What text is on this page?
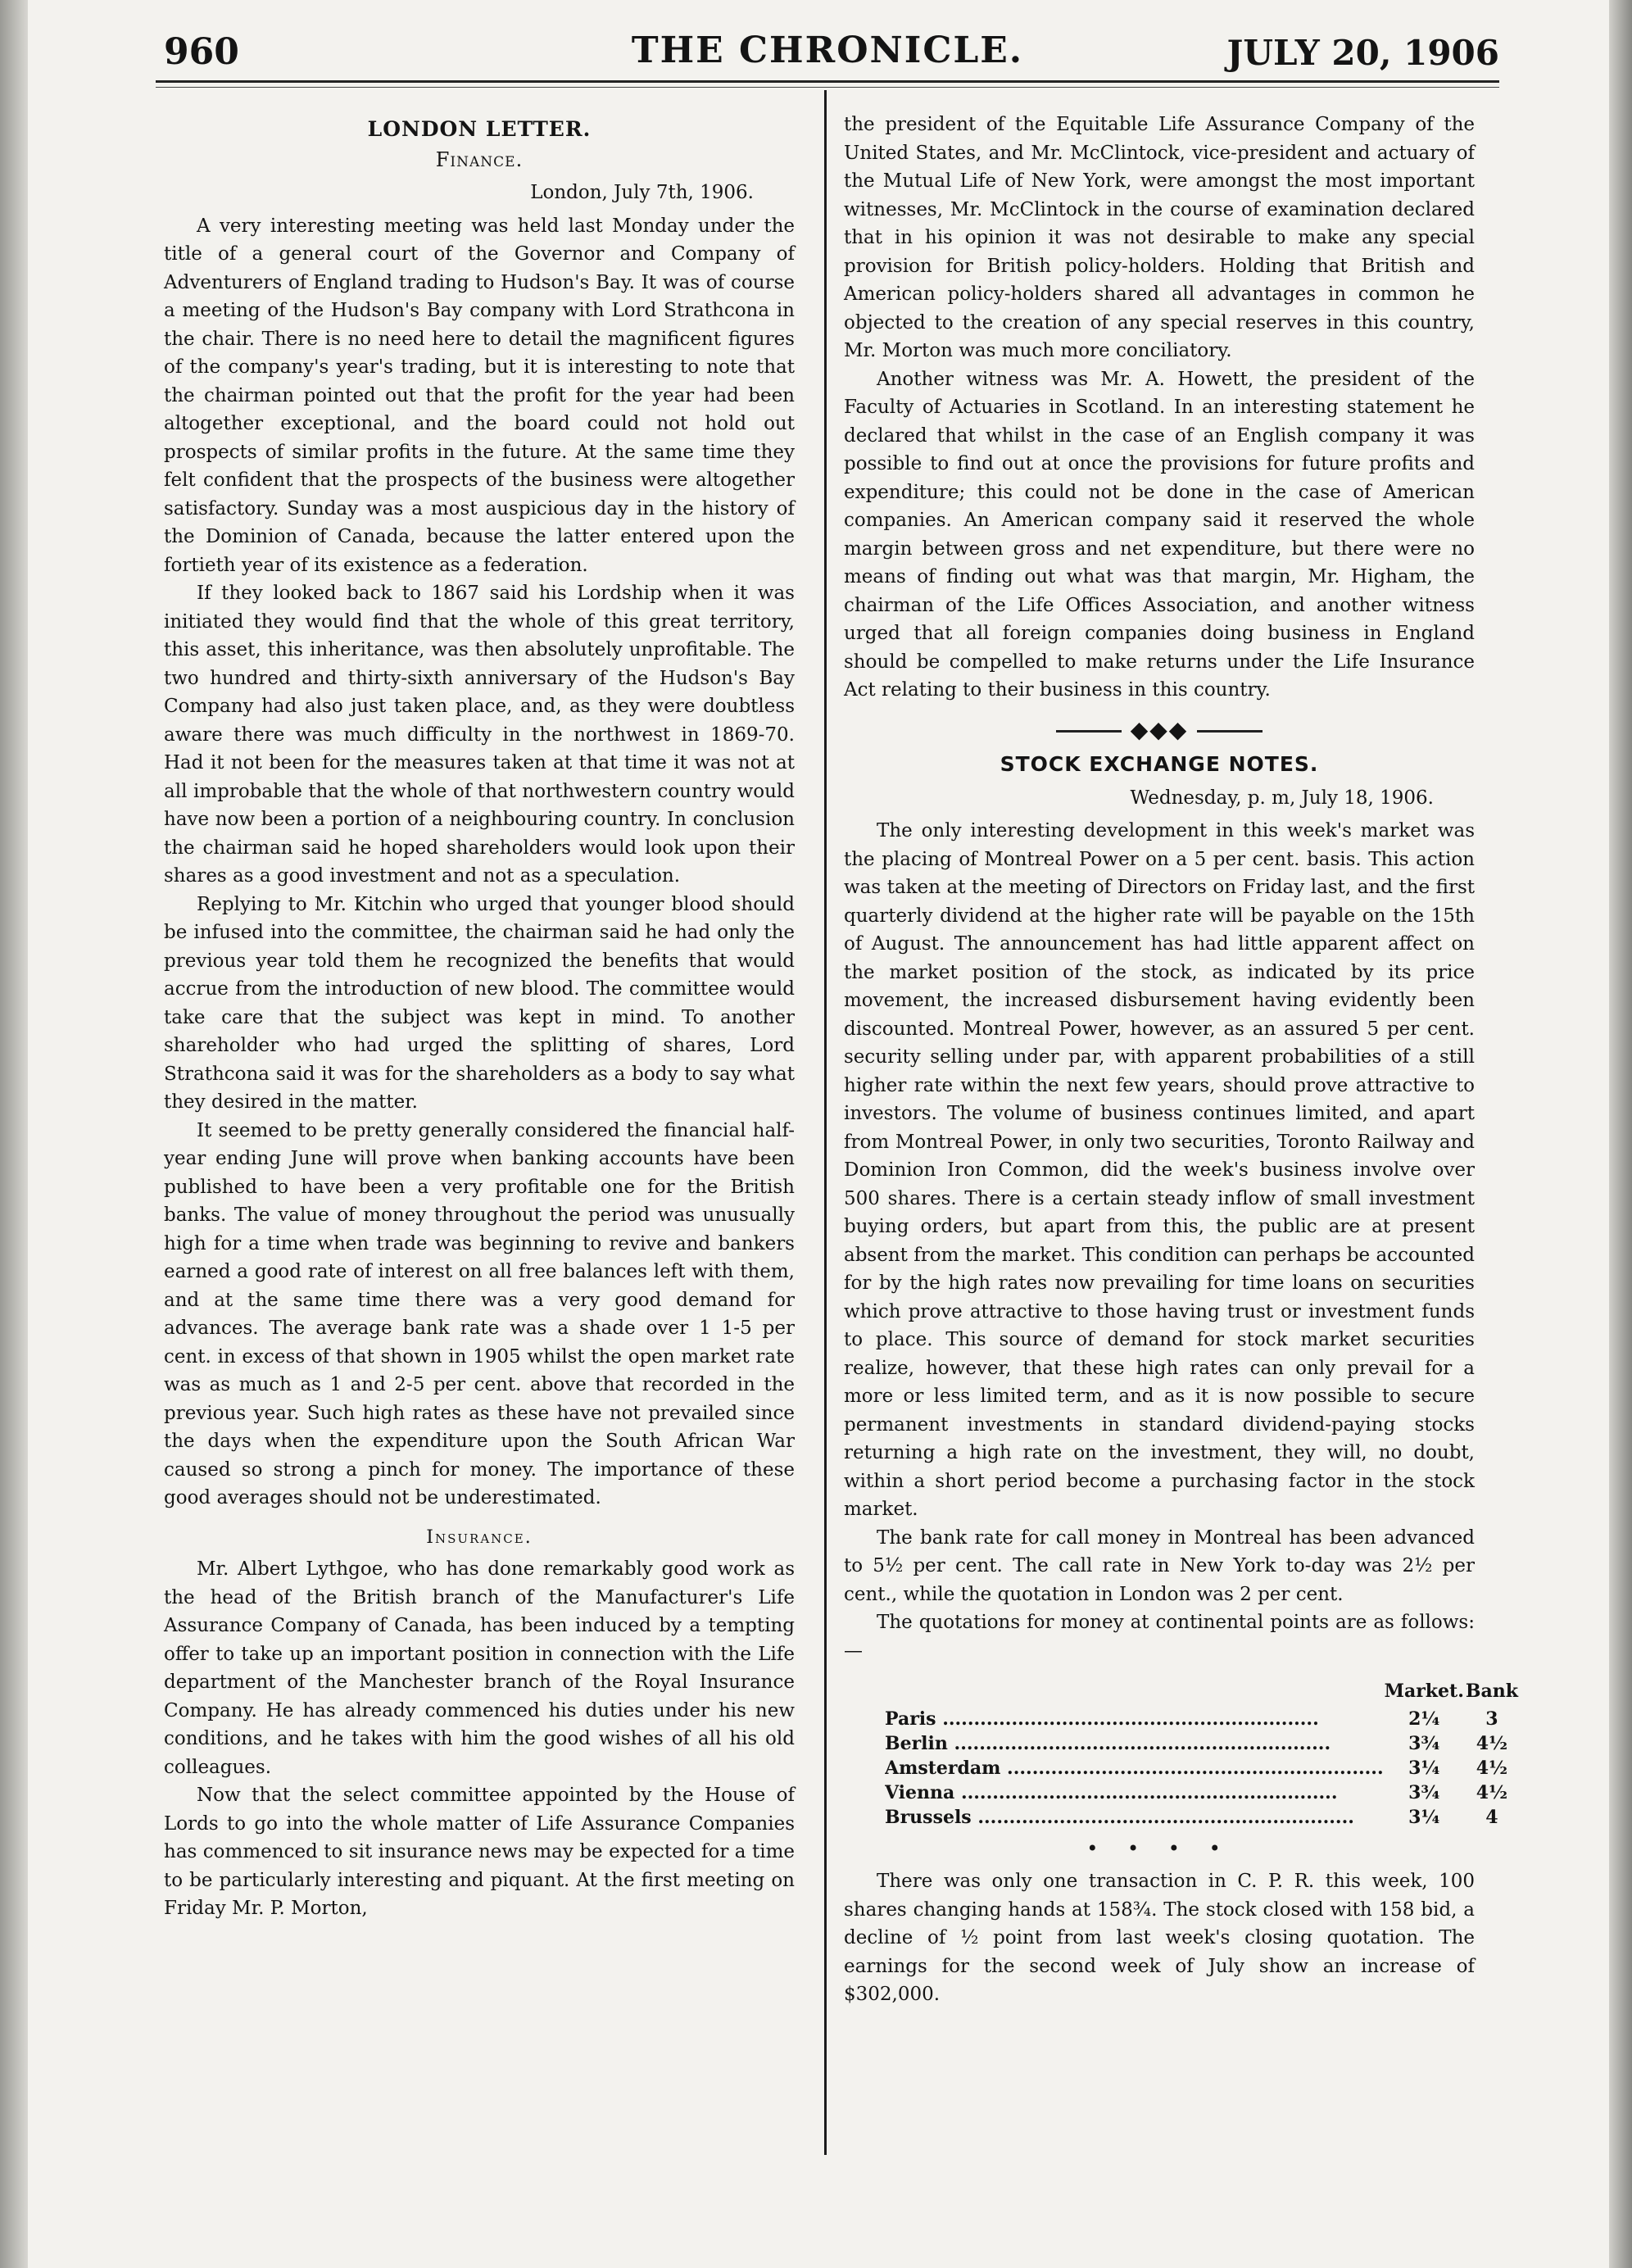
960	THE CHRONICLE.	JULY 20, 1906
LONDON LETTER.
Finance.
London, July 7th, 1906.

A very interesting meeting was held last Monday under the title of a general court of the Governor and Company of Adventurers of England trading to Hudson's Bay. It was of course a meeting of the Hudson's Bay company with Lord Strathcona in the chair. There is no need here to detail the magnificent figures of the company's year's trading, but it is interesting to note that the chairman pointed out that the profit for the year had been altogether exceptional, and the board could not hold out prospects of similar profits in the future. At the same time they felt confident that the prospects of the business were altogether satisfactory. Sunday was a most auspicious day in the history of the Dominion of Canada, because the latter entered upon the fortieth year of its existence as a federation.

If they looked back to 1867 said his Lordship when it was initiated they would find that the whole of this great territory, this asset, this inheritance, was then absolutely unprofitable. The two hundred and thirty-sixth anniversary of the Hudson's Bay Company had also just taken place, and, as they were doubtless aware there was much difficulty in the northwest in 1869-70. Had it not been for the measures taken at that time it was not at all improbable that the whole of that northwestern country would have now been a portion of a neighbouring country. In conclusion the chairman said he hoped shareholders would look upon their shares as a good investment and not as a speculation.

Replying to Mr. Kitchin who urged that younger blood should be infused into the committee, the chairman said he had only the previous year told them he recognized the benefits that would accrue from the introduction of new blood. The committee would take care that the subject was kept in mind. To another shareholder who had urged the splitting of shares, Lord Strathcona said it was for the shareholders as a body to say what they desired in the matter.

It seemed to be pretty generally considered the financial half-year ending June will prove when banking accounts have been published to have been a very profitable one for the British banks. The value of money throughout the period was unusually high for a time when trade was beginning to revive and bankers earned a good rate of interest on all free balances left with them, and at the same time there was a very good demand for advances. The average bank rate was a shade over 1 1-5 per cent. in excess of that shown in 1905 whilst the open market rate was as much as 1 and 2-5 per cent. above that recorded in the previous year. Such high rates as these have not prevailed since the days when the expenditure upon the South African War caused so strong a pinch for money. The importance of these good averages should not be underestimated.

Insurance.

Mr. Albert Lythgoe, who has done remarkably good work as the head of the British branch of the Manufacturer's Life Assurance Company of Canada, has been induced by a tempting offer to take up an important position in connection with the Life department of the Manchester branch of the Royal Insurance Company. He has already commenced his duties under his new conditions, and he takes with him the good wishes of all his old colleagues.

Now that the select committee appointed by the House of Lords to go into the whole matter of Life Assurance Companies has commenced to sit insurance news may be expected for a time to be particularly interesting and piquant. At the first meeting on Friday Mr. P. Morton,

the president of the Equitable Life Assurance Company of the United States, and Mr. McClintock, vice-president and actuary of the Mutual Life of New York, were amongst the most important witnesses, Mr. McClintock in the course of examination declared that in his opinion it was not desirable to make any special provision for British policy-holders. Holding that British and American policy-holders shared all advantages in common he objected to the creation of any special reserves in this country, Mr. Morton was much more conciliatory.

Another witness was Mr. A. Howett, the president of the Faculty of Actuaries in Scotland. In an interesting statement he declared that whilst in the case of an English company it was possible to find out at once the provisions for future profits and expenditure; this could not be done in the case of American companies. An American company said it reserved the whole margin between gross and net expenditure, but there were no means of finding out what was that margin, Mr. Higham, the chairman of the Life Offices Association, and another witness urged that all foreign companies doing business in England should be compelled to make returns under the Life Insurance Act relating to their business in this country.

◆◆◆
STOCK EXCHANGE NOTES.
Wednesday, p. m, July 18, 1906.

The only interesting development in this week's market was the placing of Montreal Power on a 5 per cent. basis. This action was taken at the meeting of Directors on Friday last, and the first quarterly dividend at the higher rate will be payable on the 15th of August. The announcement has had little apparent affect on the market position of the stock, as indicated by its price movement, the increased disbursement having evidently been discounted. Montreal Power, however, as an assured 5 per cent. security selling under par, with apparent probabilities of a still higher rate within the next few years, should prove attractive to investors. The volume of business continues limited, and apart from Montreal Power, in only two securities, Toronto Railway and Dominion Iron Common, did the week's business involve over 500 shares. There is a certain steady inflow of small investment buying orders, but apart from this, the public are at present absent from the market. This condition can perhaps be accounted for by the high rates now prevailing for time loans on securities which prove attractive to those having trust or investment funds to place. This source of demand for stock market securities realize, however, that these high rates can only prevail for a more or less limited term, and as it is now possible to secure permanent investments in standard dividend-paying stocks returning a high rate on the investment, they will, no doubt, within a short period become a purchasing factor in the stock market.

The bank rate for call money in Montreal has been advanced to 5½ per cent. The call rate in New York to-day was 2½ per cent., while the quotation in London was 2 per cent.

The quotations for money at continental points are as follows:—

	Market.	Bank
Paris ............................................................	2¼	3
Berlin ............................................................	3¾	4½
Amsterdam ............................................................	3¼	4½
Vienna ............................................................	3¾	4½
Brussels ............................................................	3¼	4
• • • •

There was only one transaction in C. P. R. this week, 100 shares changing hands at 158¾. The stock closed with 158 bid, a decline of ½ point from last week's closing quotation. The earnings for the second week of July show an increase of $302,000.
